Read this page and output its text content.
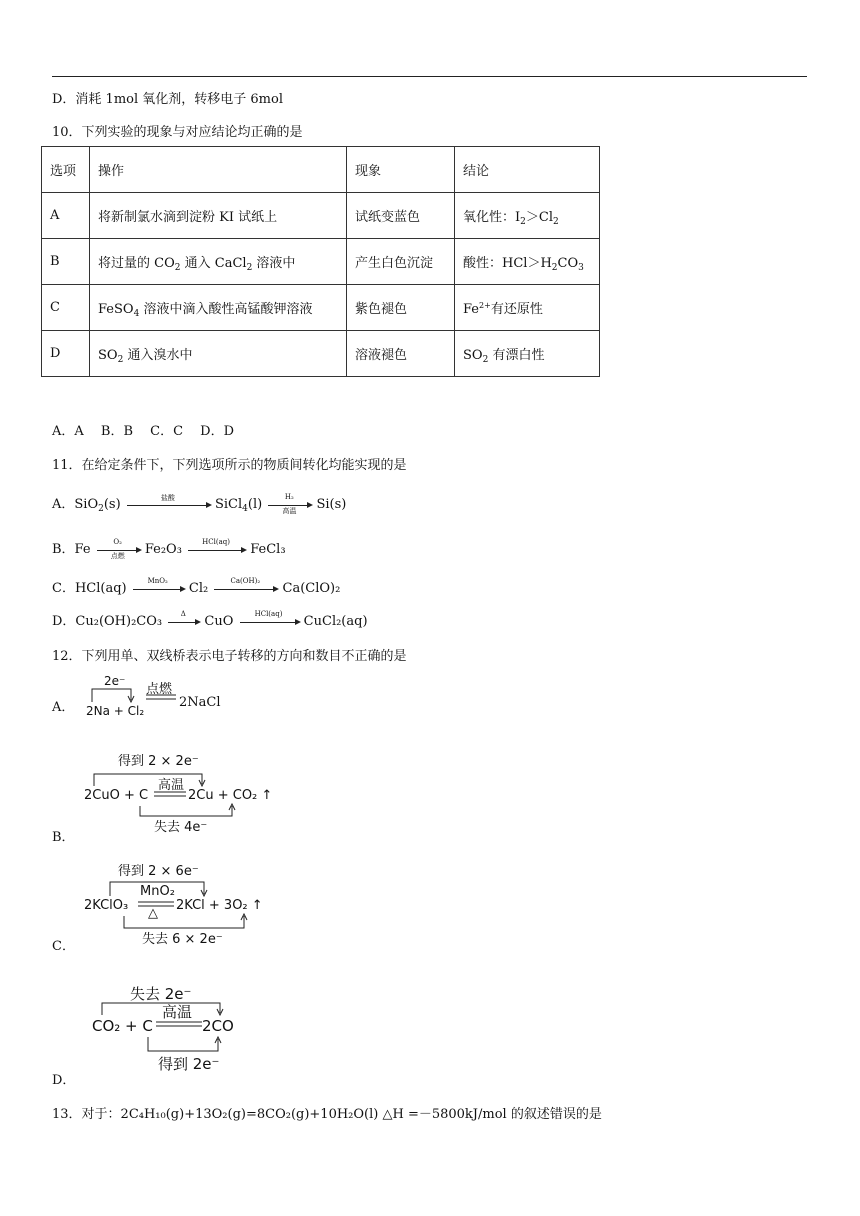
D．消耗 1mol 氧化剂，转移电子 6mol
10．下列实验的现象与对应结论均正确的是
选项	操作	现象	结论
A	将新制氯水滴到淀粉 KI 试纸上	试纸变蓝色	氧化性：$I_2>Cl_2$
B	将过量的 $CO_2$ 通入 CaCl$_2$ 溶液中	产生白色沉淀	酸性：$HCl>H_2CO_3$
C	FeSO$_4$ 溶液中滴入酸性高锰酸钾溶液	紫色褪色	$Fe^{2+}$有还原性
D	$SO_2$ 通入溴水中	溶液褪色	$SO_2$ 有漂白性
A．A　 B．B　 C．C　 D．D
11．在给定条件下，下列选项所示的物质间转化均能实现的是
A．SiO$_2$(s)	盐酸	SiCl$_4$(l)	H₂
高温	Si(s)
B．Fe	O₂
点燃	Fe₂O₃	HCl(aq)	FeCl₃
C．HCl(aq)	MnO₂	Cl₂	Ca(OH)₂	Ca(ClO)₂
D．Cu₂(OH)₂CO₃	Δ	CuO	HCl(aq)	CuCl₂(aq)
12．下列用单、双线桥表示电子转移的方向和数目不正确的是
A．
2e⁻
2Na + Cl₂
点燃
2NaCl
得到 2 × 2e⁻
2CuO + C
高温
2Cu + CO₂ ↑
失去 4e⁻
B．
得到 2 × 6e⁻
2KClO₃
MnO₂
△
2KCl + 3O₂ ↑
失去 6 × 2e⁻
C．
失去 2e⁻
CO₂ + C
高温
2CO
得到 2e⁻
D．
13．对于：2C₄H₁₀(g)+13O₂(g)=8CO₂(g)+10H₂O(l) △H =－5800kJ/mol 的叙述错误的是
